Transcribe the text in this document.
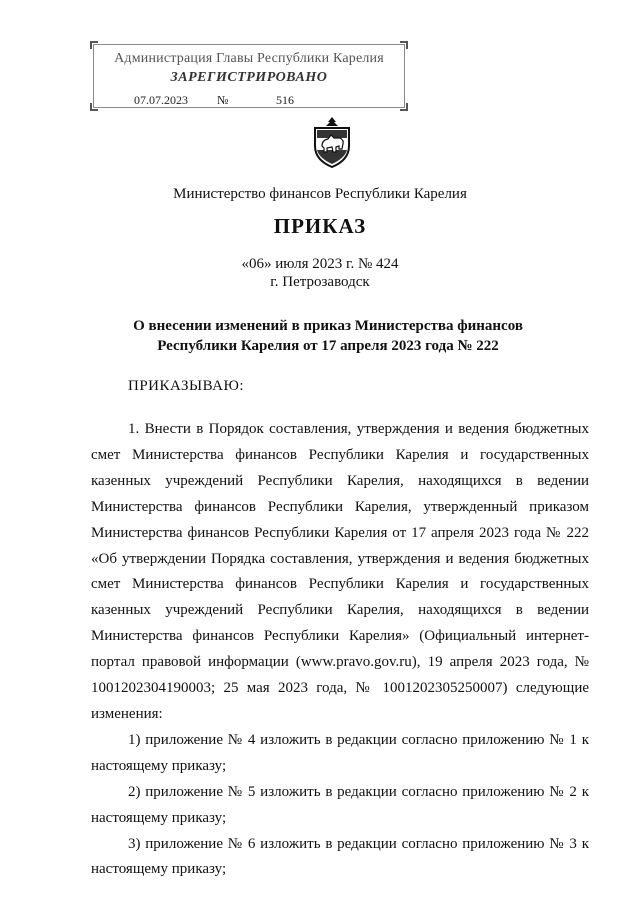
Администрация Главы Республики Карелия
ЗАРЕГИСТРИРОВАНО
07.07.2023 №	516
Министерство финансов Республики Карелия
ПРИКАЗ
«06» июля 2023 г. № 424
г. Петрозаводск
О внесении изменений в приказ Министерства финансов Республики Карелия от 17 апреля 2023 года № 222
ПРИКАЗЫВАЮ:

1. Внести в Порядок составления, утверждения и ведения бюджетных смет Министерства финансов Республики Карелия и государственных казенных учреждений Республики Карелия, находящихся в ведении Министерства финансов Республики Карелия, утвержденный приказом Министерства финансов Республики Карелия от 17 апреля 2023 года № 222 «Об утверждении Порядка составления, утверждения и ведения бюджетных смет Министерства финансов Республики Карелия и государственных казенных учреждений Республики Карелия, находящихся в ведении Министерства финансов Республики Карелия» (Официальный интернет-портал правовой информации (www.pravo.gov.ru), 19 апреля 2023 года, № 1001202304190003; 25 мая 2023 года, № 1001202305250007) следующие изменения:

1) приложение № 4 изложить в редакции согласно приложению № 1 к настоящему приказу;

2) приложение № 5 изложить в редакции согласно приложению № 2 к настоящему приказу;

3) приложение № 6 изложить в редакции согласно приложению № 3 к настоящему приказу;
